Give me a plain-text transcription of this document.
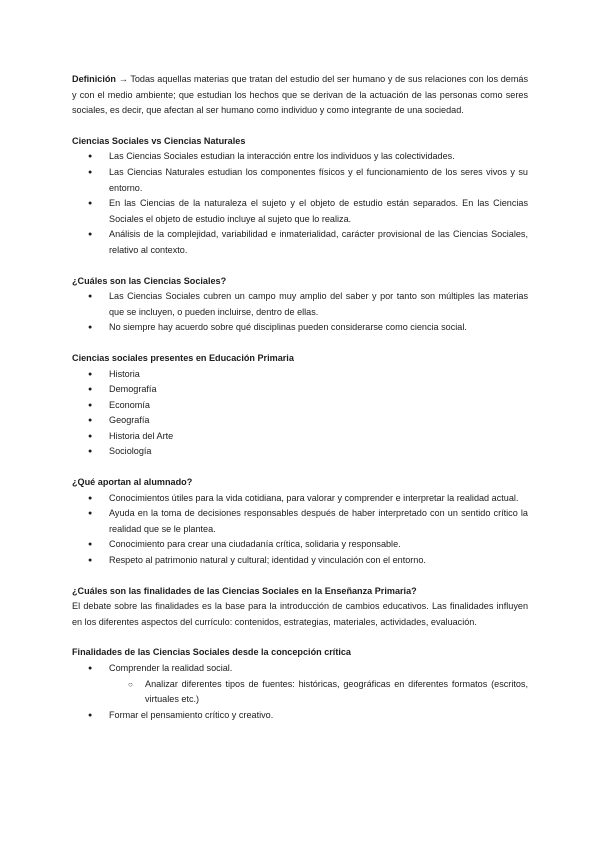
Definición → Todas aquellas materias que tratan del estudio del ser humano y de sus relaciones con los demás y con el medio ambiente; que estudian los hechos que se derivan de la actuación de las personas como seres sociales, es decir, que afectan al ser humano como individuo y como integrante de una sociedad.

Ciencias Sociales vs Ciencias Naturales

● Las Ciencias Sociales estudian la interacción entre los individuos y las colectividades.
● Las Ciencias Naturales estudian los componentes físicos y el funcionamiento de los seres vivos y su entorno.
● En las Ciencias de la naturaleza el sujeto y el objeto de estudio están separados. En las Ciencias Sociales el objeto de estudio incluye al sujeto que lo realiza.
● Análisis de la complejidad, variabilidad e inmaterialidad, carácter provisional de las Ciencias Sociales, relativo al contexto.

¿Cuáles son las Ciencias Sociales?

● Las Ciencias Sociales cubren un campo muy amplio del saber y por tanto son múltiples las materias que se incluyen, o pueden incluirse, dentro de ellas.
● No siempre hay acuerdo sobre qué disciplinas pueden considerarse como ciencia social.

Ciencias sociales presentes en Educación Primaria

● Historia
● Demografía
● Economía
● Geografía
● Historia del Arte
● Sociología

¿Qué aportan al alumnado?

● Conocimientos útiles para la vida cotidiana, para valorar y comprender e interpretar la realidad actual.
● Ayuda en la toma de decisiones responsables después de haber interpretado con un sentido crítico la realidad que se le plantea.
● Conocimiento para crear una ciudadanía crítica, solidaria y responsable.
● Respeto al patrimonio natural y cultural; identidad y vinculación con el entorno.

¿Cuáles son las finalidades de las Ciencias Sociales en la Enseñanza Primaria?

El debate sobre las finalidades es la base para la introducción de cambios educativos. Las finalidades influyen en los diferentes aspectos del currículo: contenidos, estrategias, materiales, actividades, evaluación.

Finalidades de las Ciencias Sociales desde la concepción crítica

● Comprender la realidad social.
○ Analizar diferentes tipos de fuentes: históricas, geográficas en diferentes formatos (escritos, virtuales etc.)
● Formar el pensamiento crítico y creativo.
